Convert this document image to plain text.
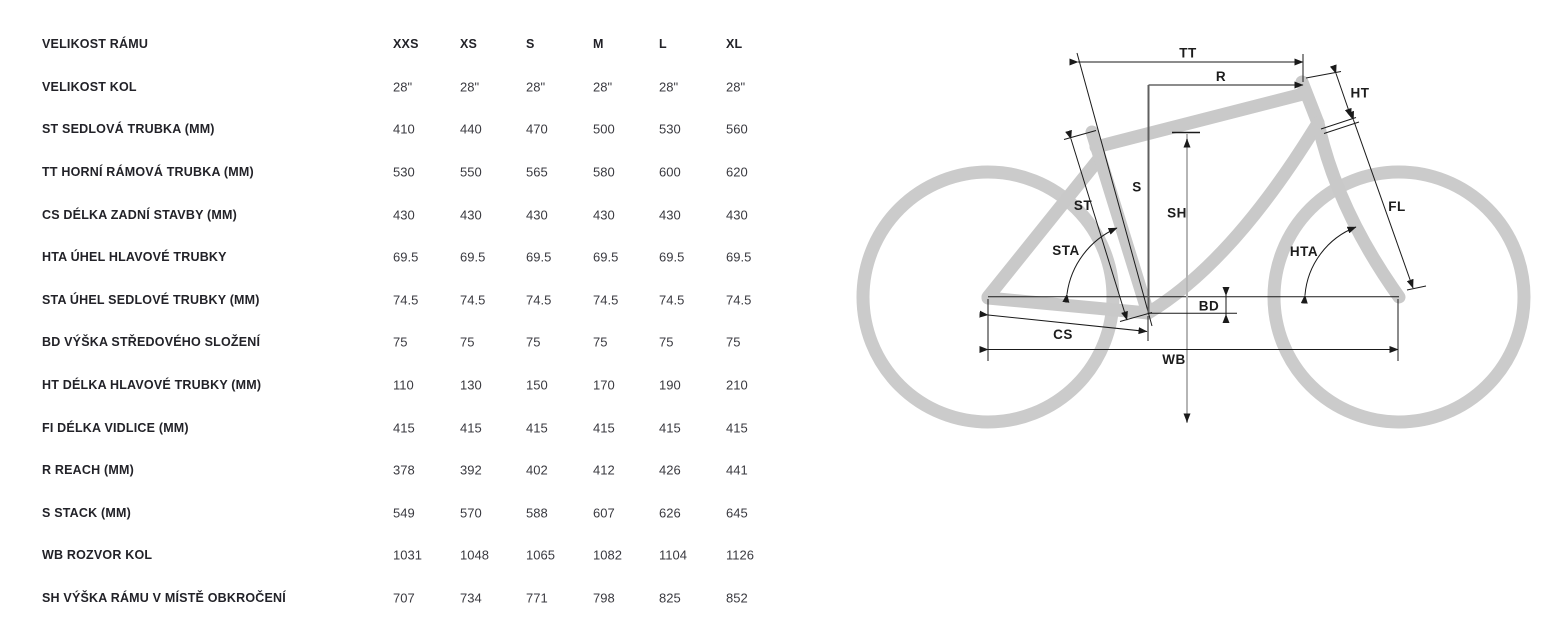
VELIKOST RÁMU	XXS	XS	S	M	L	XL
VELIKOST KOL	28"	28"	28"	28"	28"	28"
ST SEDLOVÁ TRUBKA (MM)	410	440	470	500	530	560
TT HORNÍ RÁMOVÁ TRUBKA (MM)	530	550	565	580	600	620
CS DÉLKA ZADNÍ STAVBY (MM)	430	430	430	430	430	430
HTA ÚHEL HLAVOVÉ TRUBKY	69.5	69.5	69.5	69.5	69.5	69.5
STA ÚHEL SEDLOVÉ TRUBKY (MM)	74.5	74.5	74.5	74.5	74.5	74.5
BD VÝŠKA STŘEDOVÉHO SLOŽENÍ	75	75	75	75	75	75
HT DÉLKA HLAVOVÉ TRUBKY (MM)	110	130	150	170	190	210
FI DÉLKA VIDLICE (MM)	415	415	415	415	415	415
R REACH (MM)	378	392	402	412	426	441
S STACK (MM)	549	570	588	607	626	645
WB ROZVOR KOL	1031	1048	1065	1082	1104	1126
SH VÝŠKA RÁMU V MÍSTĚ OBKROČENÍ	707	734	771	798	825	852
TT
R
HT
FL
S
SH
ST
STA	HTA
BD
CS
WB
